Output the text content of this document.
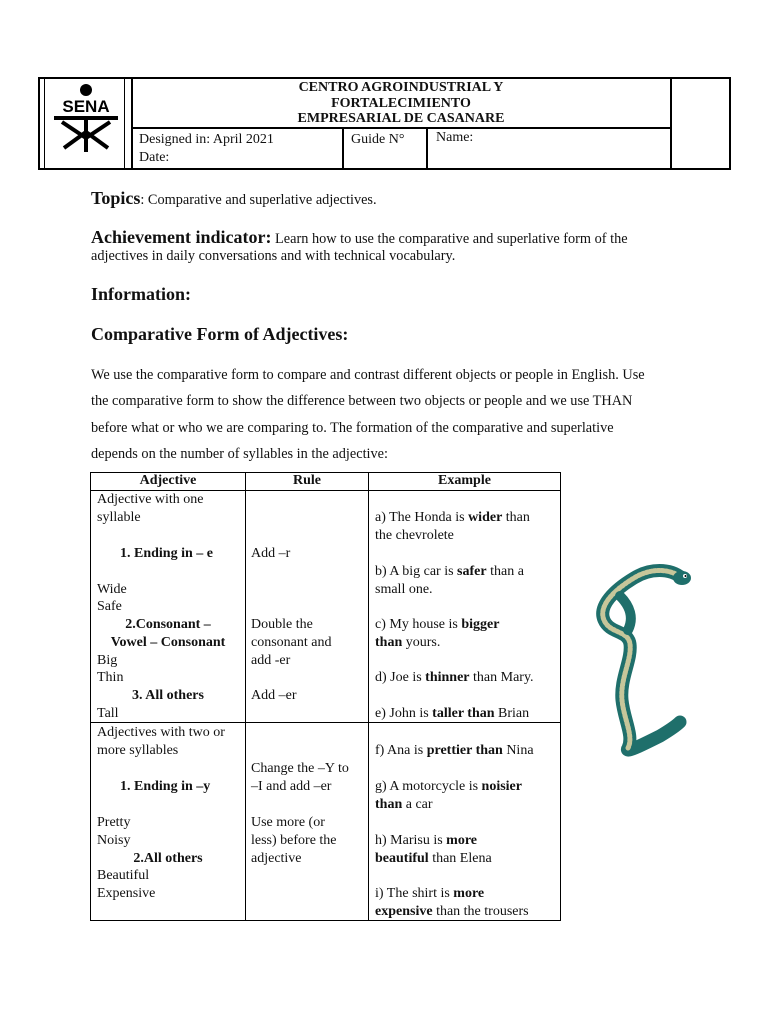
SENA
CENTRO AGROINDUSTRIAL Y
FORTALECIMIENTO
EMPRESARIAL DE CASANARE
Designed in: April 2021
Date:
Guide N° Name:
Topics: Comparative and superlative adjectives.
Achievement indicator: Learn how to use the comparative and superlative form of the
adjectives in daily conversations and with technical vocabulary.
Information:
Comparative Form of Adjectives:
We use the comparative form to compare and contrast different objects or people in English. Use
the comparative form to show the difference between two objects or people and we use THAN
before what or who we are comparing to. The formation of the comparative and superlative
depends on the number of syllables in the adjective:
Adjective	Rule	Example
Adjective with one
syllable
1. Ending in – e
Wide
Safe
2.Consonant –
Vowel – Consonant
Big
Thin
3. All others
Tall
Adjectives with two or
more syllables
1. Ending in –y
Pretty
Noisy
2.All others
Beautiful
Expensive
Add –r
Double the
consonant and
add -er
Add –er
Change the –Y to
–I and add –er
Use more (or
less) before the
adjective
a) The Honda is wider than
the chevrolete
b) A big car is safer than a
small one.
c) My house is bigger
than yours.
d) Joe is thinner than Mary.
e) John is taller than Brian
f) Ana is prettier than Nina
g) A motorcycle is noisier
than a car
h) Marisu is more
beautiful than Elena
i) The shirt is more
expensive than the trousers
